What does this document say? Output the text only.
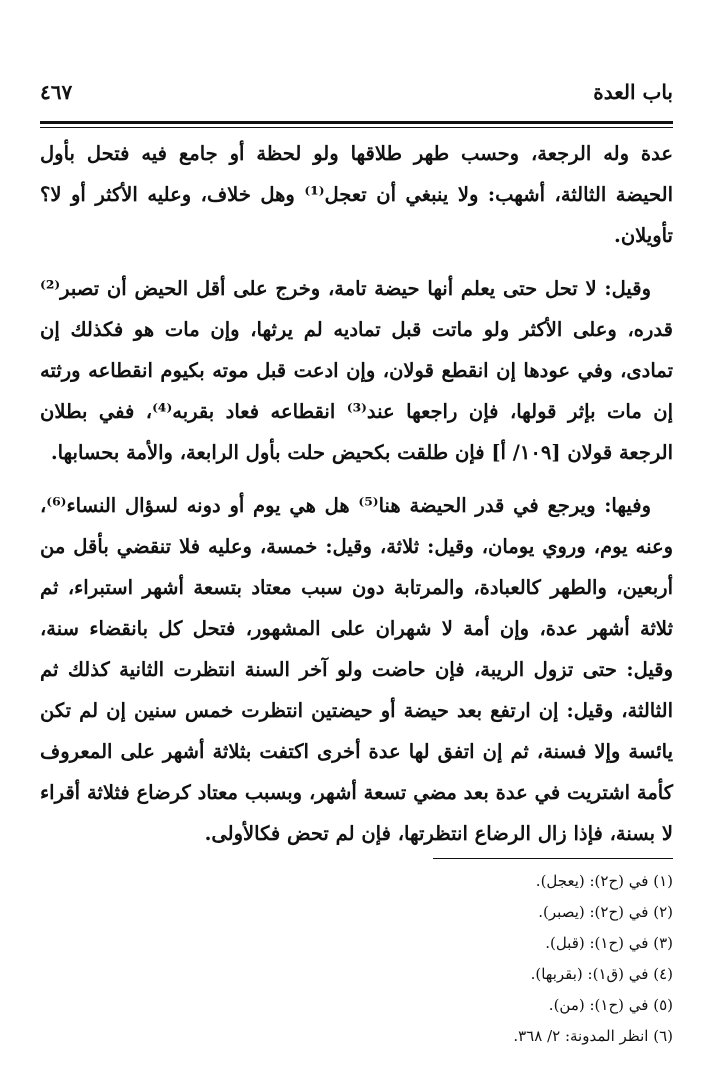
باب العدة
٤٦٧

عدة وله الرجعة، وحسب طهر طلاقها ولو لحظة أو جامع فيه فتحل بأول الحيضة الثالثة، أشهب: ولا ينبغي أن تعجل⁽¹⁾ وهل خلاف، وعليه الأكثر أو لا؟ تأويلان.

وقيل: لا تحل حتى يعلم أنها حيضة تامة، وخرج على أقل الحيض أن تصبر⁽²⁾ قدره، وعلى الأكثر ولو ماتت قبل تماديه لم يرثها، وإن مات هو فكذلك إن تمادى، وفي عودها إن انقطع قولان، وإن ادعت قبل موته بكيوم انقطاعه ورثته إن مات بإثر قولها، فإن راجعها عند⁽³⁾ انقطاعه فعاد بقربه⁽⁴⁾، ففي بطلان الرجعة قولان [١٠٩/ أ] فإن طلقت بكحيض حلت بأول الرابعة، والأمة بحسابها.

وفيها: ويرجع في قدر الحيضة هنا⁽⁵⁾ هل هي يوم أو دونه لسؤال النساء⁽⁶⁾، وعنه يوم، وروي يومان، وقيل: ثلاثة، وقيل: خمسة، وعليه فلا تنقضي بأقل من أربعين، والطهر كالعبادة، والمرتابة دون سبب معتاد بتسعة أشهر استبراء، ثم ثلاثة أشهر عدة، وإن أمة لا شهران على المشهور، فتحل كل بانقضاء سنة، وقيل: حتى تزول الريبة، فإن حاضت ولو آخر السنة انتظرت الثانية كذلك ثم الثالثة، وقيل: إن ارتفع بعد حيضة أو حيضتين انتظرت خمس سنين إن لم تكن يائسة وإلا فسنة، ثم إن اتفق لها عدة أخرى اكتفت بثلاثة أشهر على المعروف كأمة اشتريت في عدة بعد مضي تسعة أشهر، وبسبب معتاد كرضاع فثلاثة أقراء لا بسنة، فإذا زال الرضاع انتظرتها، فإن لم تحض فكالأولى.

(١) في (ح٢): (يعجل).
(٢) في (ح٢): (يصبر).
(٣) في (ح١): (قبل).
(٤) في (ق١): (بقربها).
(٥) في (ح١): (من).
(٦) انظر المدونة: ٢/ ٣٦٨.
